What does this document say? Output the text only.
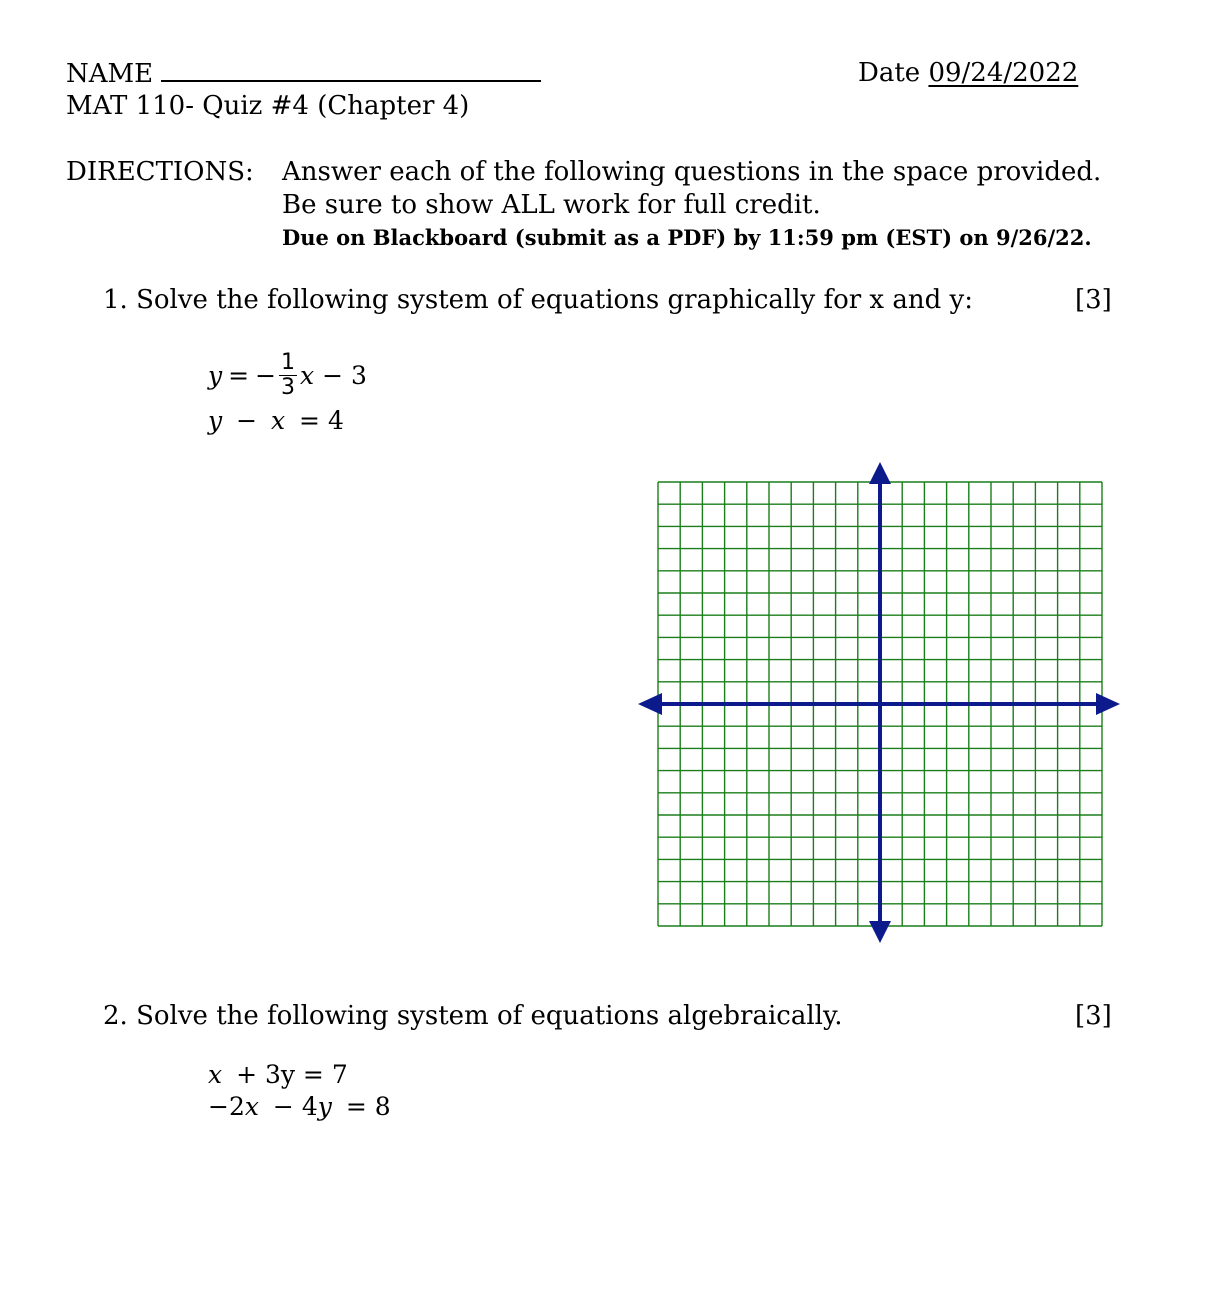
NAME	Date 09/24/2022
MAT 110- Quiz #4 (Chapter 4)
DIRECTIONS: Answer each of the following questions in the space provided.
Be sure to show ALL work for full credit.
Due on Blackboard (submit as a PDF) by 11:59 pm (EST) on 9/26/22.
1. Solve the following system of equations graphically for x and y:	[3]
y = − $\frac{1}{3}$ x − 3
y − x = 4
2. Solve the following system of equations algebraically.	[3]
x + 3y = 7
−2x − 4y = 8
